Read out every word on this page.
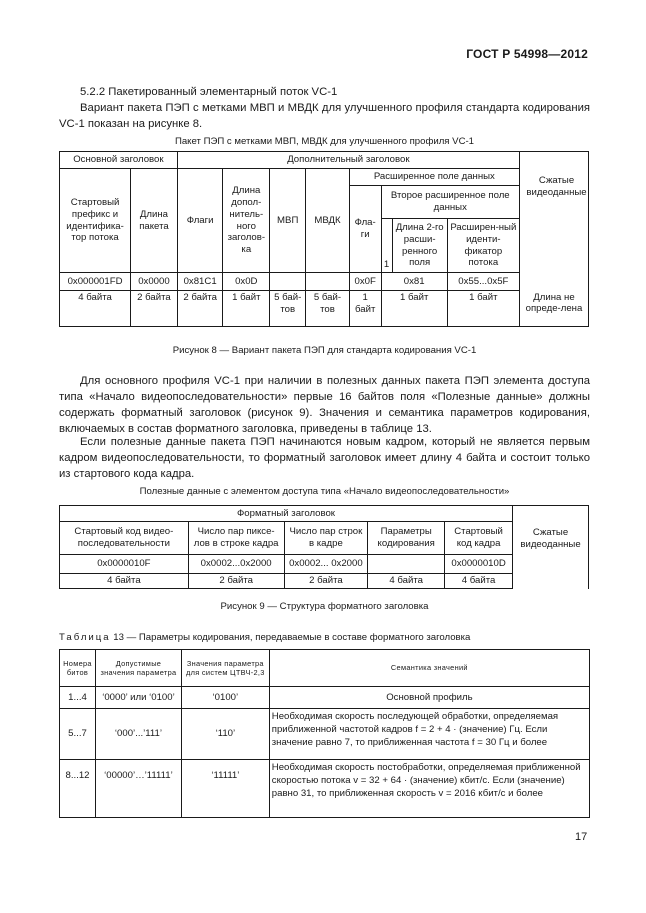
ГОСТ Р 54998—2012
5.2.2 Пакетированный элементарный поток VC-1
Вариант пакета ПЭП с метками МВП и МВДК для улучшенного профиля стандарта кодирования VC-1 показан на рисунке 8.
Пакет ПЭП с метками МВП, МВДК для улучшенного профиля VC-1
Основной заголовок		Дополнительный заголовок								
Стартовый префикс и идентифика-тор потока	Длина пакета	Флаги	Длина допол-нитель-ного заголов-ка	МВП	МВДК	Расширенное поле данных				
						Фла-ги	Второе расширенное поле данных			
							1	Длина 2-го расши-ренного поля	Расширен-ный иденти-фикатор потока	
0x000001FD	0x0000	0x81C1	0x0D			0x0F	0x81		0x55...0x5F	
4 байта	2 байта	2 байта	1 байт	5 бай-тов	5 бай-тов	1 байт	1 байт		1 байт	Длина не опреде-лена
Сжатые видеоданные
Рисунок 8 — Вариант пакета ПЭП для стандарта кодирования VC-1
Для основного профиля VC-1 при наличии в полезных данных пакета ПЭП элемента доступа типа «Начало видеопоследовательности» первые 16 байтов поля «Полезные данные» должны содержать форматный заголовок (рисунок 9). Значения и семантика параметров кодирования, включаемых в состав форматного заголовка, приведены в таблице 13.
Если полезные данные пакета ПЭП начинаются новым кадром, который не является первым кадром видеопоследовательности, то форматный заголовок имеет длину 4 байта и состоит только из стартового кода кадра.
Полезные данные с элементом доступа типа «Начало видеопоследовательности»
Форматный заголовок					Сжатые видеоданные
Стартовый код видео-последовательности	Число пар пиксе-лов в строке кадра	Число пар строк в кадре	Параметры кодирования	Стартовый код кадра	
0x0000010F	0x0002...0x2000	0x0002... 0x2000		0x0000010D	
4 байта	2 байта	2 байта	4 байта	4 байта	
Рисунок 9 — Структура форматного заголовка
Таблица 13 — Параметры кодирования, передаваемые в составе форматного заголовка
Номера битов	Допустимые значения параметра	Значения параметра для систем ЦТВЧ-2,3	Семантика значений
1...4	‘0000’ или ‘0100’	‘0100’	Основной профиль
5...7	‘000’...’111’	‘110’	Необходимая скорость последующей обработки, определяемая приближенной частотой кадров f = 2 + 4 · (значение) Гц. Если значение равно 7, то приближенная частота f = 30 Гц и более
8...12	‘00000’…’11111’	‘11111’	Необходимая скорость постобработки, определяемая приближенной скоростью потока v = 32 + 64 · (значение) кбит/с. Если (значение) равно 31, то приближенная скорость v = 2016 кбит/с и более
17
